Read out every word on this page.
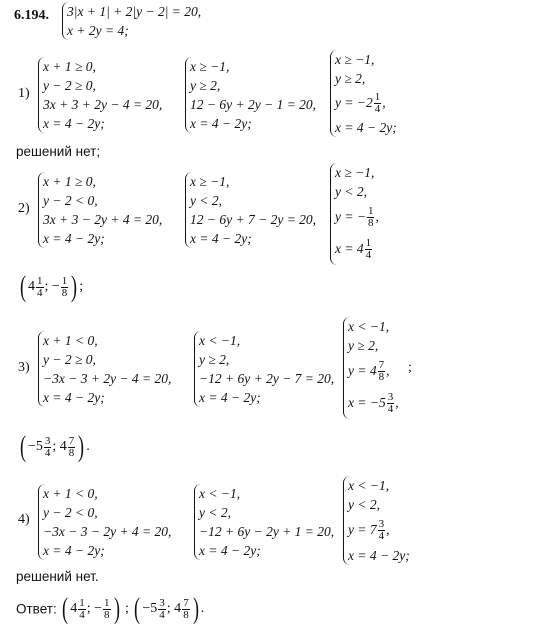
6.194. 3|x + 1| + 2|y − 2| = 20,
x + 2y = 4;
1)
x + 1 ≥ 0,
y − 2 ≥ 0,
3x + 3 + 2y − 4 = 20,
x = 4 − 2y;
x ≥ −1,
y ≥ 2,
12 − 6y + 2y − 1 = 20,
x = 4 − 2y;
x ≥ −1,
y ≥ 2,
$y = -2 \frac{1}{4}$ ,
x = 4 − 2y;
решений нет;
2)
x + 1 ≥ 0,
y − 2 < 0,
3x + 3 − 2y + 4 = 20,
x = 4 − 2y;
x ≥ −1,
y < 2,
12 − 6y + 7 − 2y = 20,
x = 4 − 2y;
x ≥ −1,
y < 2,
y = − $\frac{1}{8}$ ,
$x = 4 \frac{1}{4}$
( $4 \frac{1}{4}$ ; − $\frac{1}{8}$ ) ;
3)
x + 1 < 0,
y − 2 ≥ 0,
−3x − 3 + 2y − 4 = 20,
x = 4 − 2y;
x < −1,
y ≥ 2,
−12 + 6y + 2y − 7 = 20,
x = 4 − 2y;
x < −1,
y ≥ 2,
$y = 4 \frac{7}{8}$ ,
$x = -5 \frac{3}{4}$ ,
;
( $-5 \frac{3}{4}$ ; $4 \frac{7}{8}$ ) .
4)
x + 1 < 0,
y − 2 < 0,
−3x − 3 − 2y + 4 = 20,
x = 4 − 2y;
x < −1,
y < 2,
−12 + 6y − 2y + 1 = 20,
x = 4 − 2y;
x < −1,
y < 2,
$y = 7 \frac{3}{4}$ ,
x = 4 − 2y;
решений нет.
Ответ: ( $4 \frac{1}{4}$ ; − $\frac{1}{8}$ ) ; ( $-5 \frac{3}{4}$ ; $4 \frac{7}{8}$ ) .
